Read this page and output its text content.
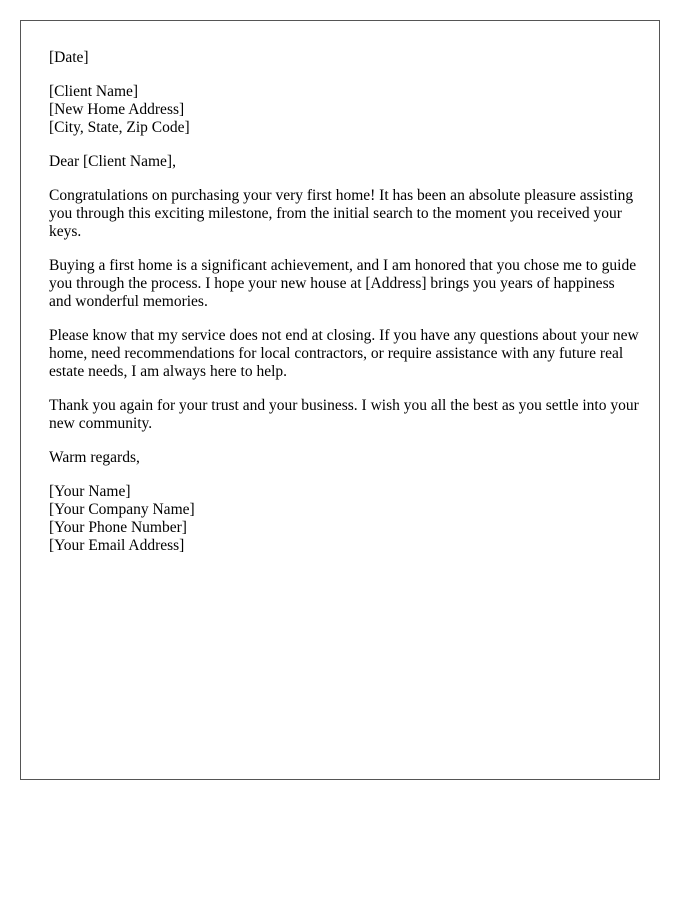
[Date]
[Client Name]
[New Home Address]
[City, State, Zip Code]
Dear [Client Name],

Congratulations on purchasing your very first home! It has been an absolute pleasure assisting you through this exciting milestone, from the initial search to the moment you received your keys.

Buying a first home is a significant achievement, and I am honored that you chose me to guide you through the process. I hope your new house at [Address] brings you years of happiness and wonderful memories.

Please know that my service does not end at closing. If you have any questions about your new home, need recommendations for local contractors, or require assistance with any future real estate needs, I am always here to help.

Thank you again for your trust and your business. I wish you all the best as you settle into your new community.

Warm regards,
[Your Name]
[Your Company Name]
[Your Phone Number]
[Your Email Address]
